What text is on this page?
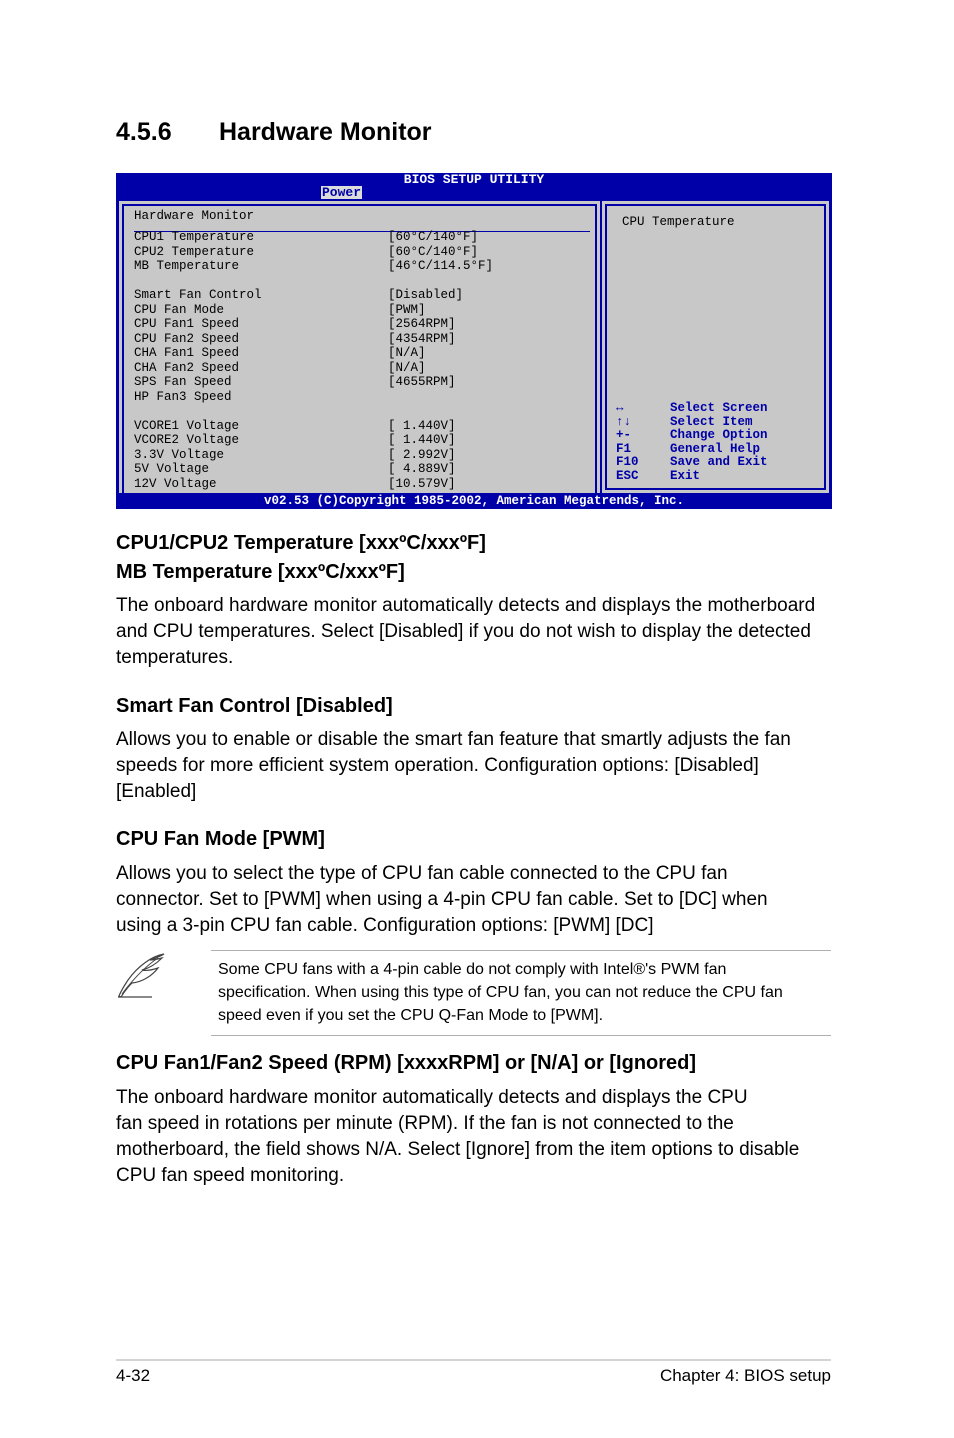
4.5.6 Hardware Monitor
BIOS SETUP UTILITY
Power
Hardware Monitor
CPU1 Temperature	[60°C/140°F]
CPU2 Temperature	[60°C/140°F]
MB Temperature	[46°C/114.5°F]
Smart Fan Control	[Disabled]
CPU Fan Mode	[PWM]
CPU Fan1 Speed	[2564RPM]
CPU Fan2 Speed	[4354RPM]
CHA Fan1 Speed	[N/A]
CHA Fan2 Speed	[N/A]
SPS Fan Speed	[4655RPM]
HP Fan3 Speed
VCORE1 Voltage	[ 1.440V]
VCORE2 Voltage	[ 1.440V]
3.3V Voltage	[ 2.992V]
5V Voltage	[ 4.889V]
12V Voltage	[10.579V]
CPU Temperature
↔	Select Screen
↑↓	Select Item
+-	Change Option
F1	General Help
F10	Save and Exit
ESC	Exit
v02.53 (C)Copyright 1985-2002, American Megatrends, Inc.
CPU1/CPU2 Temperature [xxxºC/xxxºF]
MB Temperature [xxxºC/xxxºF]
The onboard hardware monitor automatically detects and displays the motherboard
and CPU temperatures. Select [Disabled] if you do not wish to display the detected
temperatures.
Smart Fan Control [Disabled]
Allows you to enable or disable the smart fan feature that smartly adjusts the fan
speeds for more efficient system operation. Configuration options: [Disabled]
[Enabled]
CPU Fan Mode [PWM]
Allows you to select the type of CPU fan cable connected to the CPU fan
connector. Set to [PWM] when using a 4-pin CPU fan cable. Set to [DC] when
using a 3-pin CPU fan cable. Configuration options: [PWM] [DC]
Some CPU fans with a 4-pin cable do not comply with Intel®'s PWM fan
specification. When using this type of CPU fan, you can not reduce the CPU fan
speed even if you set the CPU Q-Fan Mode to [PWM].
CPU Fan1/Fan2 Speed (RPM) [xxxxRPM] or [N/A] or [Ignored]
The onboard hardware monitor automatically detects and displays the CPU
fan speed in rotations per minute (RPM). If the fan is not connected to the
motherboard, the field shows N/A. Select [Ignore] from the item options to disable
CPU fan speed monitoring.
4-32	Chapter 4: BIOS setup
